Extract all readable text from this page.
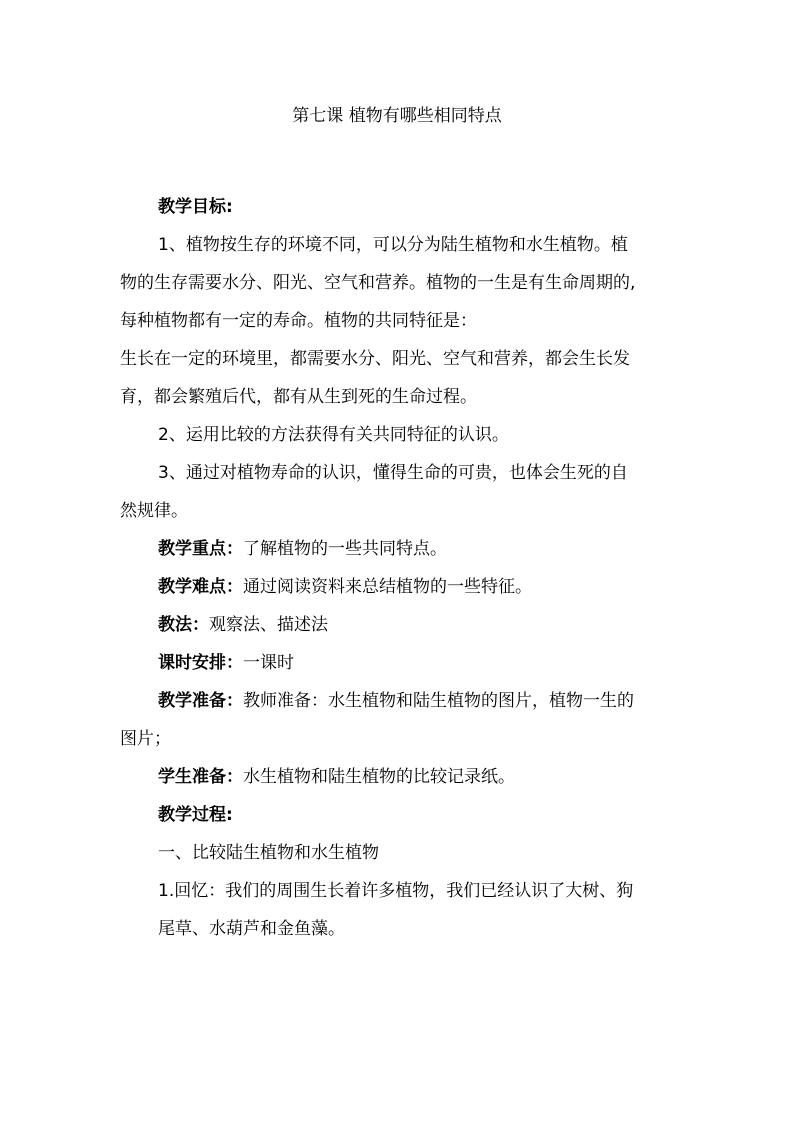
第七课 植物有哪些相同特点
教学目标:
1、植物按生存的环境不同，可以分为陆生植物和水生植物。植
物的生存需要水分、阳光、空气和营养。植物的一生是有生命周期的,
每种植物都有一定的寿命。植物的共同特征是：
生长在一定的环境里，都需要水分、阳光、空气和营养，都会生长发
育，都会繁殖后代，都有从生到死的生命过程。
2、运用比较的方法获得有关共同特征的认识。
3、通过对植物寿命的认识，懂得生命的可贵，也体会生死的自
然规律。
教学重点：了解植物的一些共同特点。
教学难点：通过阅读资料来总结植物的一些特征。
教法：观察法、描述法
课时安排：一课时
教学准备：教师准备：水生植物和陆生植物的图片，植物一生的
图片；
学生准备：水生植物和陆生植物的比较记录纸。
教学过程:
一、比较陆生植物和水生植物
1.回忆：我们的周围生长着许多植物，我们已经认识了大树、狗
尾草、水葫芦和金鱼藻。
